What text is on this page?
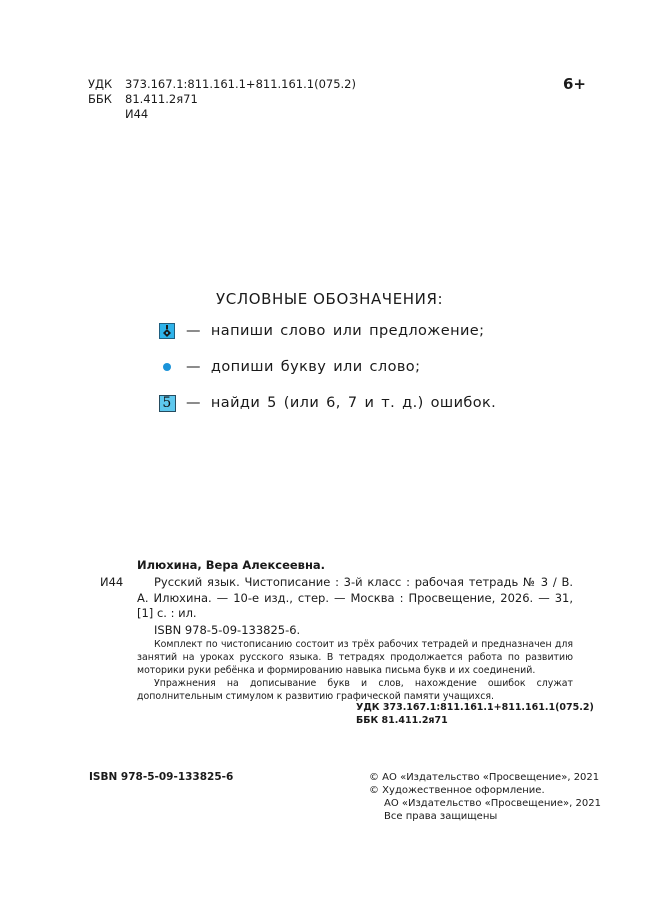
УДК	373.167.1:811.161.1+811.161.1(075.2)
ББК	81.411.2я71
И44
6+
УСЛОВНЫЕ ОБОЗНАЧЕНИЯ:
— напиши слово или предложение;
— допиши букву или слово;
5 — найди 5 (или 6, 7 и т. д.) ошибок.
Илюхина, Вера Алексеевна.
И44	Русский язык. Чистописание : 3-й класс : рабочая тетрадь № 3 / В. А. Илюхина. — 10-е изд., стер. — Москва : Просвещение, 2026. — 31, [1] с. : ил.
ISBN 978-5-09-133825-6.

Комплект по чистописанию состоит из трёх рабочих тетрадей и предназначен для занятий на уроках русского языка. В тетрадях продолжается работа по развитию моторики руки ребёнка и формированию навыка письма букв и их соединений.

Упражнения на дописывание букв и слов, нахождение ошибок служат дополнительным стимулом к развитию графической памяти учащихся.

УДК 373.167.1:811.161.1+811.161.1(075.2)
ББК 81.411.2я71
ISBN 978-5-09-133825-6	© АО «Издательство «Просвещение», 2021
© Художественное оформление.
АО «Издательство «Просвещение», 2021
Все права защищены
